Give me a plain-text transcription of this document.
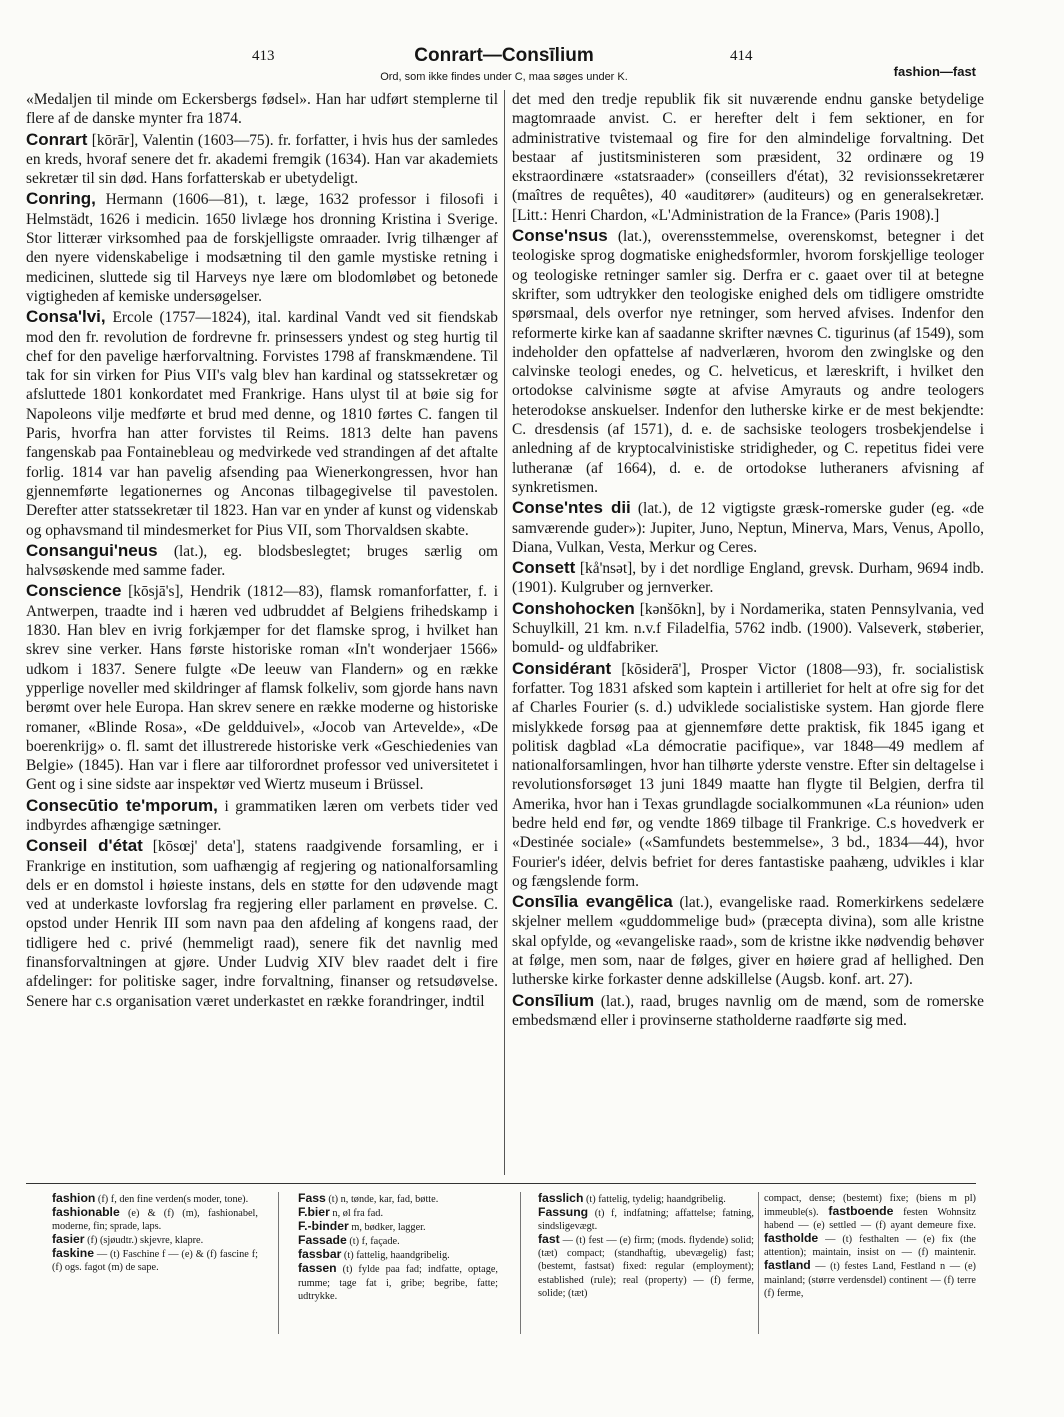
413	Conrart—Consīlium	414
Ord, som ikke findes under C, maa søges under K.	fashion—fast

«Medaljen til minde om Eckersbergs fødsel». Han har udført stemplerne til flere af de danske mynter fra 1874.

Conrart [kōrār], Valentin (1603—75). fr. forfatter, i hvis hus der samledes en kreds, hvoraf senere det fr. akademi fremgik (1634). Han var akademiets sekretær til sin død. Hans forfatterskab er ubetydeligt.

Conring, Hermann (1606—81), t. læge, 1632 professor i filosofi i Helmstädt, 1626 i medicin. 1650 livlæge hos dronning Kristina i Sverige. Stor litterær virksomhed paa de forskjelligste omraader. Ivrig tilhænger af den nyere videnskabelige i modsætning til den gamle mystiske retning i medicinen, sluttede sig til Harveys nye lære om blodomløbet og betonede vigtigheden af kemiske undersøgelser.

Consa'lvi, Ercole (1757—1824), ital. kardinal Vandt ved sit fiendskab mod den fr. revolution de fordrevne fr. prinsessers yndest og steg hurtig til chef for den pavelige hærforvaltning. Forvistes 1798 af franskmændene. Til tak for sin virken for Pius VII's valg blev han kardinal og statssekretær og afsluttede 1801 konkordatet med Frankrige. Hans ulyst til at bøie sig for Napoleons vilje medførte et brud med denne, og 1810 førtes C. fangen til Paris, hvorfra han atter forvistes til Reims. 1813 delte han pavens fangenskab paa Fontainebleau og medvirkede ved strandingen af det aftalte forlig. 1814 var han pavelig afsending paa Wienerkongressen, hvor han gjennemførte legationernes og Anconas tilbagegivelse til pavestolen. Derefter atter statssekretær til 1823. Han var en ynder af kunst og videnskab og ophavsmand til mindesmerket for Pius VII, som Thorvaldsen skabte.

Consangui'neus (lat.), eg. blodsbeslegtet; bruges særlig om halvsøskende med samme fader.

Conscience [kōsjā's], Hendrik (1812—83), flamsk romanforfatter, f. i Antwerpen, traadte ind i hæren ved udbruddet af Belgiens frihedskamp i 1830. Han blev en ivrig forkjæmper for det flamske sprog, i hvilket han skrev sine verker. Hans første historiske roman «In't wonderjaer 1566» udkom i 1837. Senere fulgte «De leeuw van Flandern» og en række ypperlige noveller med skildringer af flamsk folkeliv, som gjorde hans navn berømt over hele Europa. Han skrev senere en række moderne og historiske romaner, «Blinde Rosa», «De geldduivel», «Jocob van Artevelde», «De boerenkrijg» o. fl. samt det illustrerede historiske verk «Geschiedenies van Belgie» (1845). Han var i flere aar tilforordnet professor ved universitetet i Gent og i sine sidste aar inspektør ved Wiertz museum i Brüssel.

Consecūtio te'mporum, i grammatiken læren om verbets tider ved indbyrdes afhængige sætninger.

Conseil d'état [kōsœj' deta'], statens raadgivende forsamling, er i Frankrige en institution, som uafhængig af regjering og nationalforsamling dels er en domstol i høieste instans, dels en støtte for den udøvende magt ved at underkaste lovforslag fra regjering eller parlament en prøvelse. C. opstod under Henrik III som navn paa den afdeling af kongens raad, der tidligere hed c. privé (hemmeligt raad), senere fik det navnlig med finansforvaltningen at gjøre. Under Ludvig XIV blev raadet delt i fire afdelinger: for politiske sager, indre forvaltning, finanser og retsudøvelse. Senere har c.s organisation været underkastet en række forandringer, indtil

det med den tredje republik fik sit nuværende endnu ganske betydelige magtomraade anvist. C. er herefter delt i fem sektioner, en for administrative tvistemaal og fire for den almindelige forvaltning. Det bestaar af justitsministeren som præsident, 32 ordinære og 19 ekstraordinære «statsraader» (conseillers d'état), 32 revisionssekretærer (maîtres de requêtes), 40 «auditører» (auditeurs) og en generalsekretær. [Litt.: Henri Chardon, «L'Administration de la France» (Paris 1908).]

Conse'nsus (lat.), overensstemmelse, overenskomst, betegner i det teologiske sprog dogmatiske enighedsformler, hvorom forskjellige teologer og teologiske retninger samler sig. Derfra er c. gaaet over til at betegne skrifter, som udtrykker den teologiske enighed dels om tidligere omstridte spørsmaal, dels overfor nye retninger, som herved afvises. Indenfor den reformerte kirke kan af saadanne skrifter nævnes C. tigurinus (af 1549), som indeholder den opfattelse af nadverlæren, hvorom den zwinglske og den calvinske teologi enedes, og C. helveticus, et læreskrift, i hvilket den ortodokse calvinisme søgte at afvise Amyrauts og andre teologers heterodokse anskuelser. Indenfor den lutherske kirke er de mest bekjendte: C. dresdensis (af 1571), d. e. de sachsiske teologers trosbekjendelse i anledning af de kryptocalvinistiske stridigheder, og C. repetitus fidei vere lutheranæ (af 1664), d. e. de ortodokse lutheraners afvisning af synkretismen.

Conse'ntes dii (lat.), de 12 vigtigste græsk-romerske guder (eg. «de samværende guder»): Jupiter, Juno, Neptun, Minerva, Mars, Venus, Apollo, Diana, Vulkan, Vesta, Merkur og Ceres.

Consett [kå'nsət], by i det nordlige England, grevsk. Durham, 9694 indb. (1901). Kulgruber og jernverker.

Conshohocken [kənšōkn], by i Nordamerika, staten Pennsylvania, ved Schuylkill, 21 km. n.v.f Filadelfia, 5762 indb. (1900). Valseverk, støberier, bomuld- og uldfabriker.

Considérant [kōsiderā'], Prosper Victor (1808—93), fr. socialistisk forfatter. Tog 1831 afsked som kaptein i artilleriet for helt at ofre sig for det af Charles Fourier (s. d.) udviklede socialistiske system. Han gjorde flere mislykkede forsøg paa at gjennemføre dette praktisk, fik 1845 igang et politisk dagblad «La démocratie pacifique», var 1848—49 medlem af nationalforsamlingen, hvor han tilhørte yderste venstre. Efter sin deltagelse i revolutionsforsøget 13 juni 1849 maatte han flygte til Belgien, derfra til Amerika, hvor han i Texas grundlagde socialkommunen «La réunion» uden bedre held end før, og vendte 1869 tilbage til Frankrige. C.s hovedverk er «Destinée sociale» («Samfundets bestemmelse», 3 bd., 1834—44), hvor Fourier's idéer, delvis befriet for deres fantastiske paahæng, udvikles i klar og fængslende form.

Consīlia evangēlica (lat.), evangeliske raad. Romerkirkens sedelære skjelner mellem «guddommelige bud» (præcepta divina), som alle kristne skal opfylde, og «evangeliske raad», som de kristne ikke nødvendig behøver at følge, men som, naar de følges, giver en høiere grad af hellighed. Den lutherske kirke forkaster denne adskillelse (Augsb. konf. art. 27).

Consīlium (lat.), raad, bruges navnlig om de mænd, som de romerske embedsmænd eller i provinserne statholderne raadførte sig med.

fashion (f) f, den fine verden(s moder, tone).

fashionable (e) & (f) (m), fashionabel, moderne, fin; sprade, laps.

fasier (f) (sjøudtr.) skjevre, klapre.

faskine — (t) Faschine f — (e) & (f) fascine f; (f) ogs. fagot (m) de sape.

Fass (t) n, tønde, kar, fad, bøtte.

F.bier n, øl fra fad.

F.-binder m, bødker, lagger.

Fassade (t) f, façade.

fassbar (t) fattelig, haandgribelig.

fassen (t) fylde paa fad; indfatte, optage, rumme; tage fat i, gribe; begribe, fatte; udtrykke.

fasslich (t) fattelig, tydelig; haandgribelig.

Fassung (t) f, indfatning; affattelse; fatning, sindsligevægt.

fast — (t) fest — (e) firm; (mods. flydende) solid; (tæt) compact; (standhaftig, ubevægelig) fast; (bestemt, fastsat) fixed: regular (employment); established (rule); real (property) — (f) ferme, solide; (tæt)

compact, dense; (bestemt) fixe; (biens m pl) immeuble(s). fastboende festen Wohnsitz habend — (e) settled — (f) ayant demeure fixe. fastholde — (t) festhalten — (e) fix (the attention); maintain, insist on — (f) maintenir. fastland — (t) festes Land, Festland n — (e) mainland; (større verdensdel) continent — (f) terre (f) ferme,
